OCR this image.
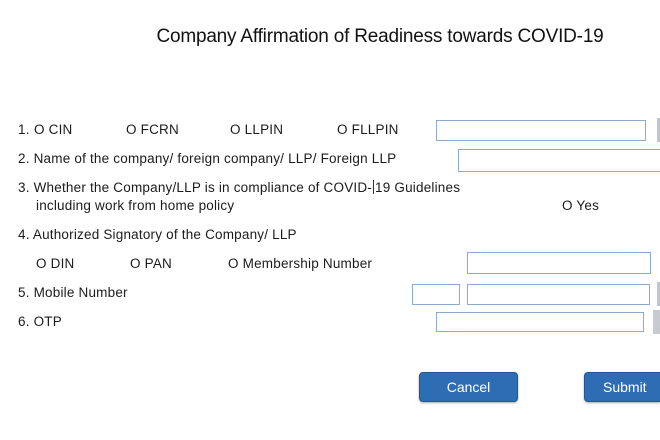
Company Affirmation of Readiness towards COVID-19
1. O CIN	O FCRN	O LLPIN	O FLLPIN
2. Name of the company/ foreign company/ LLP/ Foreign LLP
3. Whether the Company/LLP is in compliance of COVID- 19 Guidelines
including work from home policy	O Yes
4. Authorized Signatory of the Company/ LLP
O DIN	O PAN	O Membership Number
5. Mobile Number
6. OTP
Cancel	Submit
